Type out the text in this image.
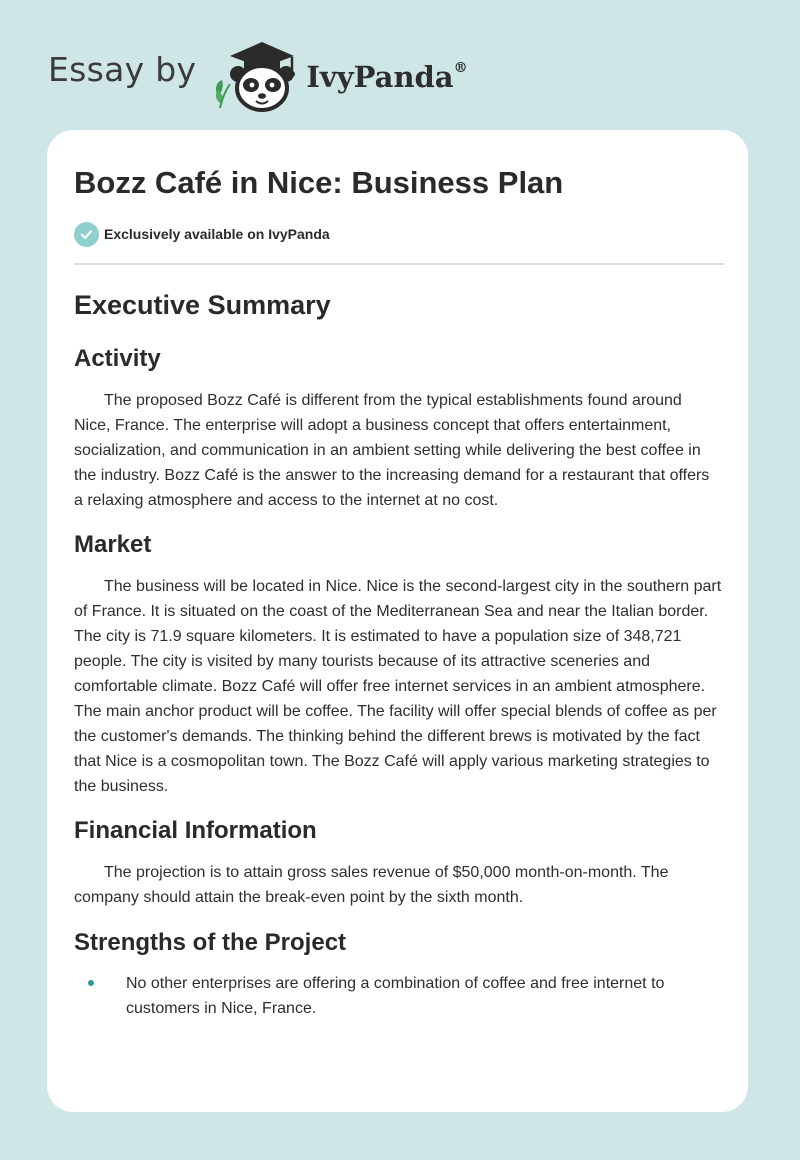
Essay by	IvyPanda®
Bozz Café in Nice: Business Plan
Exclusively available on IvyPanda
Executive Summary
Activity

The proposed Bozz Café is different from the typical establishments found around Nice, France. The enterprise will adopt a business concept that offers entertainment, socialization, and communication in an ambient setting while delivering the best coffee in the industry. Bozz Café is the answer to the increasing demand for a restaurant that offers a relaxing atmosphere and access to the internet at no cost.

Market

The business will be located in Nice. Nice is the second-largest city in the southern part of France. It is situated on the coast of the Mediterranean Sea and near the Italian border. The city is 71.9 square kilometers. It is estimated to have a population size of 348,721 people. The city is visited by many tourists because of its attractive sceneries and comfortable climate. Bozz Café will offer free internet services in an ambient atmosphere. The main anchor product will be coffee. The facility will offer special blends of coffee as per the customer's demands. The thinking behind the different brews is motivated by the fact that Nice is a cosmopolitan town. The Bozz Café will apply various marketing strategies to the business.

Financial Information

The projection is to attain gross sales revenue of $50,000 month-on-month. The company should attain the break-even point by the sixth month.

Strengths of the Project
No other enterprises are offering a combination of coffee and free internet to customers in Nice, France.
